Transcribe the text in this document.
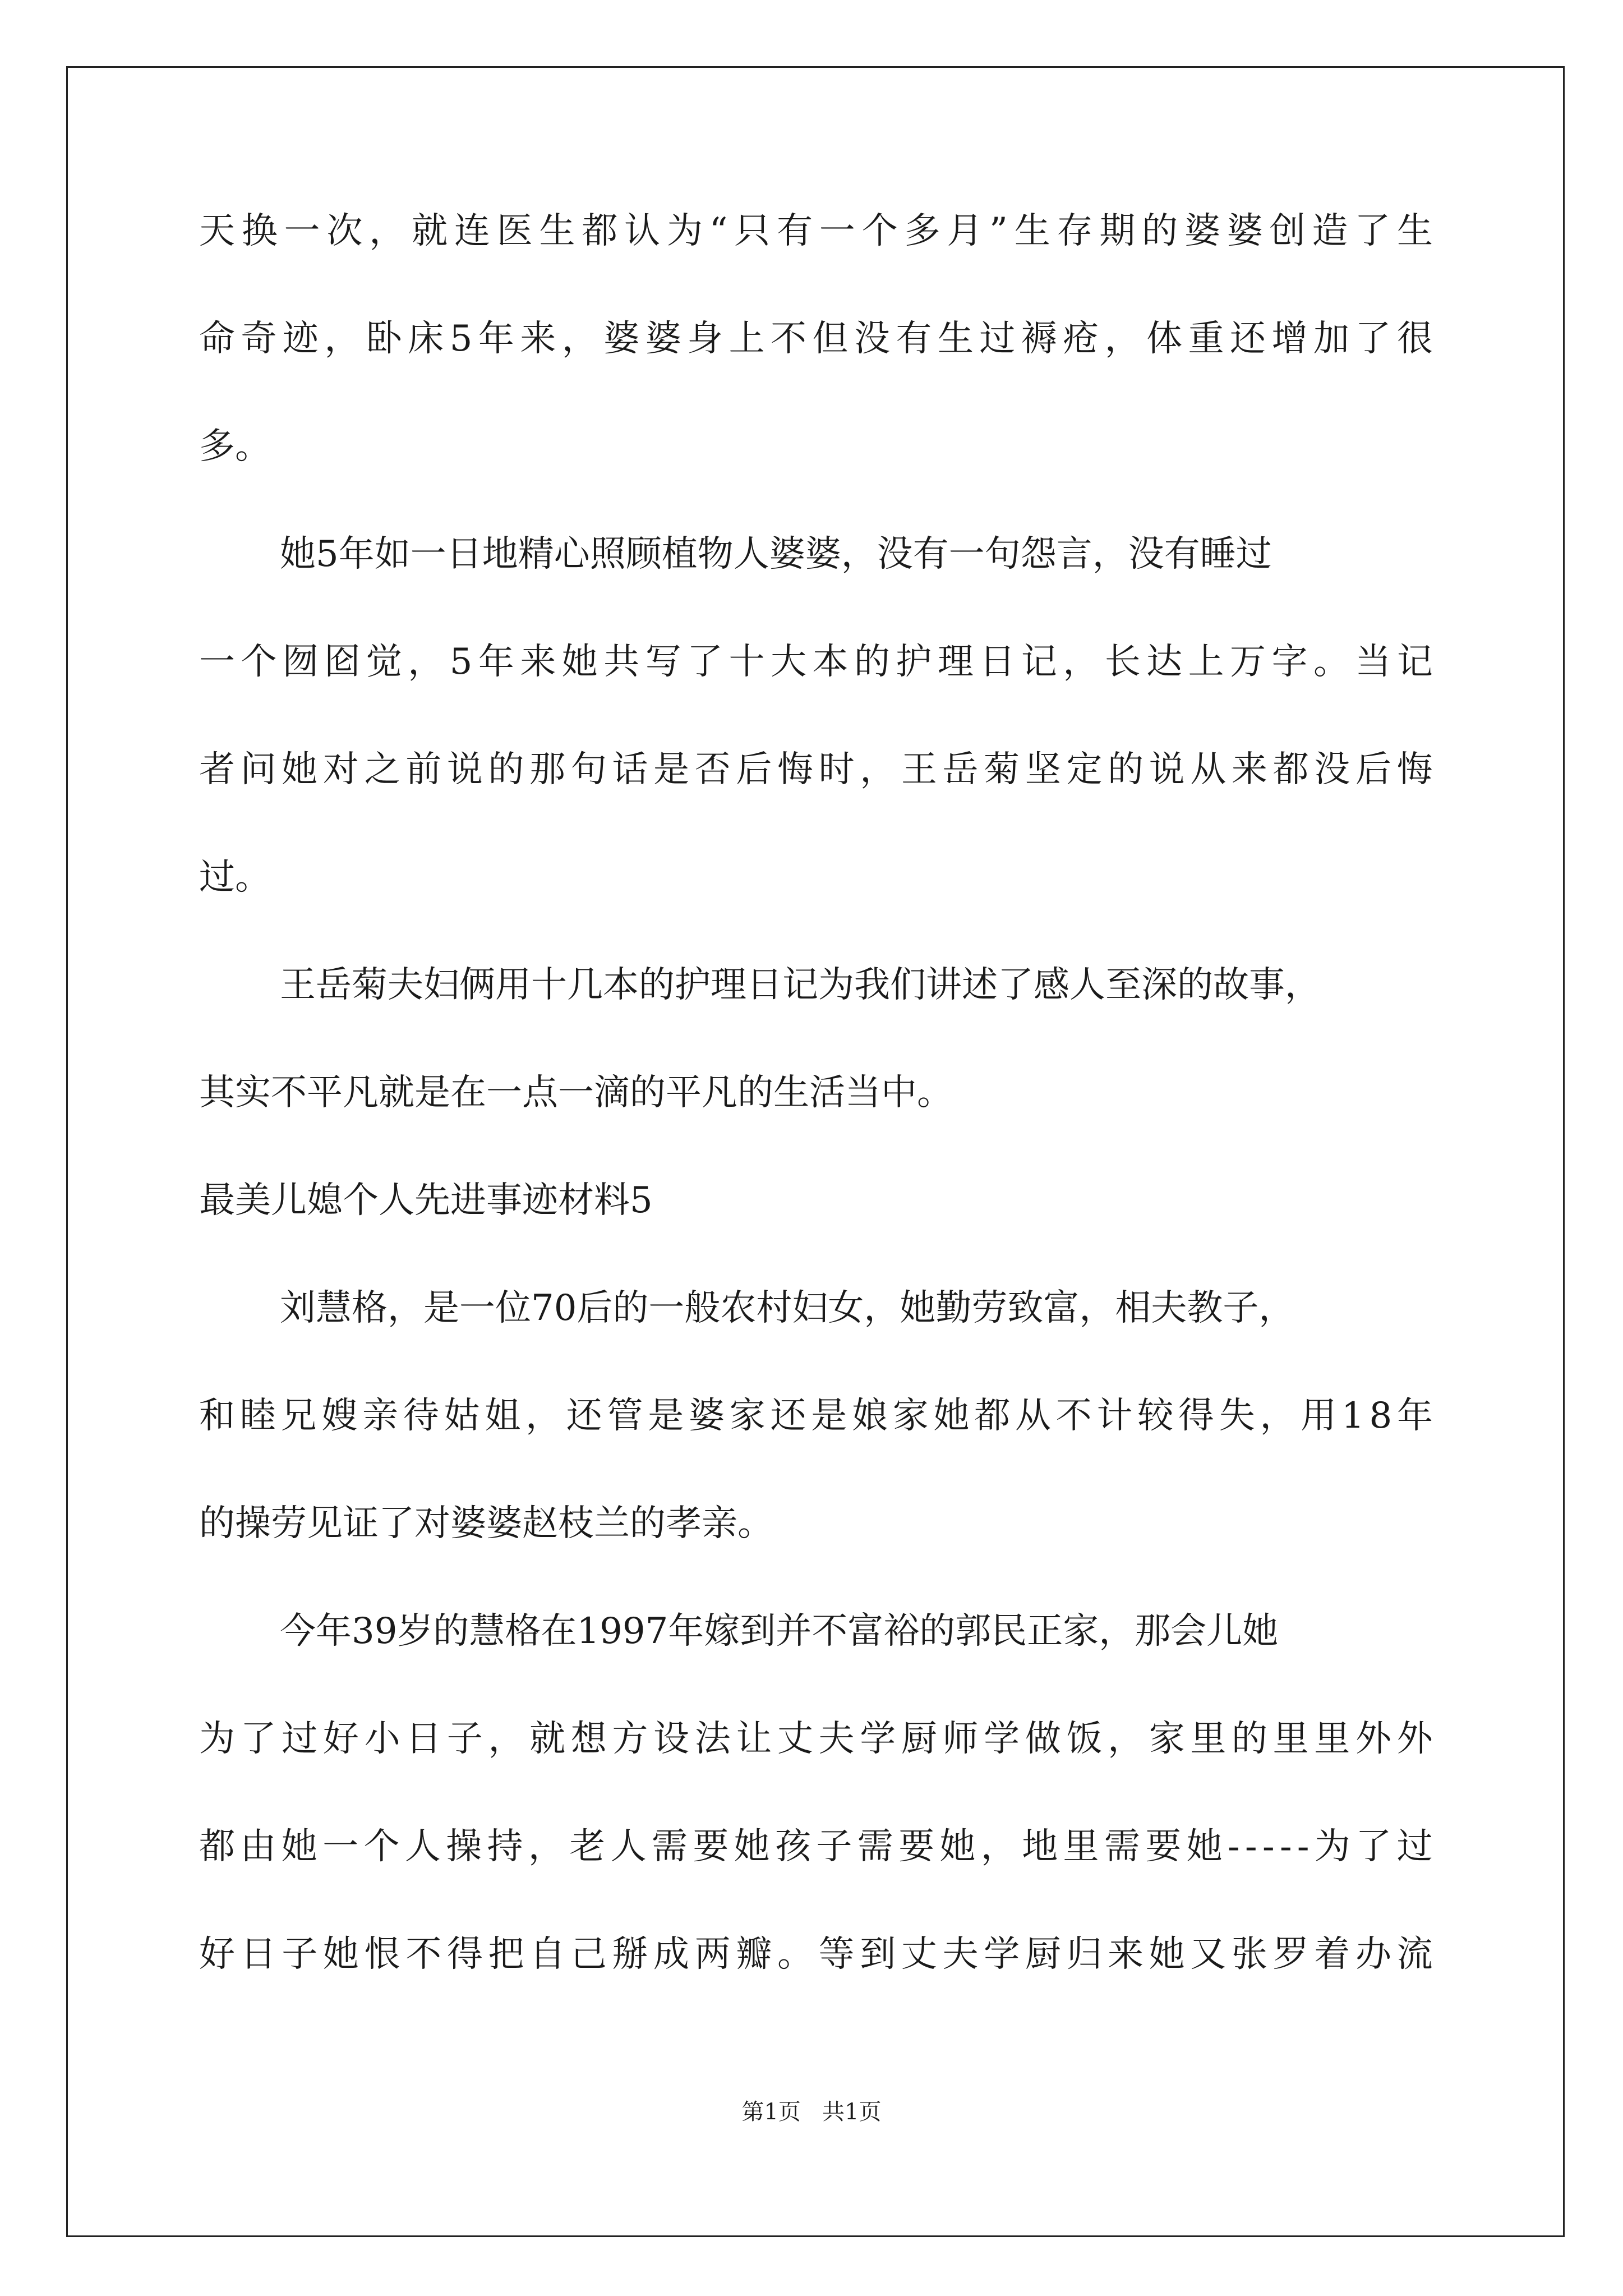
天 换 一 次 ， 就 连 医 生 都 认 为 “ 只 有 一 个 多 月 ” 生 存 期 的 婆 婆 创 造 了 生
命 奇 迹 ， 卧 床 5 年 来 ， 婆 婆 身 上 不 但 没 有 生 过 褥 疮 ， 体 重 还 增 加 了 很
多。
她5年如一日地精心照顾植物人婆婆，没有一句怨言，没有睡过
一 个 囫 囵 觉 ， 5 年 来 她 共 写 了 十 大 本 的 护 理 日 记 ， 长 达 上 万 字 。 当 记
者 问 她 对 之 前 说 的 那 句 话 是 否 后 悔 时 ， 王 岳 菊 坚 定 的 说 从 来 都 没 后 悔
过。
王岳菊夫妇俩用十几本的护理日记为我们讲述了感人至深的故事，
其实不平凡就是在一点一滴的平凡的生活当中。
最美儿媳个人先进事迹材料5
刘慧格，是一位70后的一般农村妇女，她勤劳致富，相夫教子，
和 睦 兄 嫂 亲 待 姑 姐 ， 还 管 是 婆 家 还 是 娘 家 她 都 从 不 计 较 得 失 ， 用 1 8 年
的操劳见证了对婆婆赵枝兰的孝亲。
今年39岁的慧格在1997年嫁到并不富裕的郭民正家，那会儿她
为 了 过 好 小 日 子 ， 就 想 方 设 法 让 丈 夫 学 厨 师 学 做 饭 ， 家 里 的 里 里 外 外
都 由 她 一 个 人 操 持 ， 老 人 需 要 她 孩 子 需 要 她 ， 地 里 需 要 她 - - - - - 为 了 过
好 日 子 她 恨 不 得 把 自 己 掰 成 两 瓣 。 等 到 丈 夫 学 厨 归 来 她 又 张 罗 着 办 流
第1页   共1页
